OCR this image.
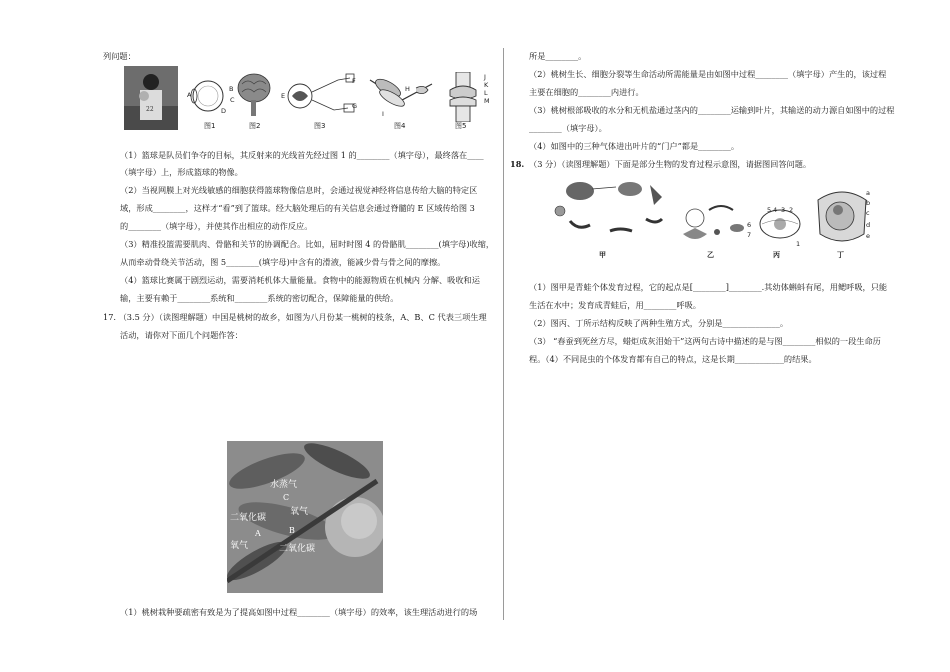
列问题：
22
A
B
C
D
图1	图2
E
F
G
图3
H
I
图4
J
K
L
M
图5
（1）篮球是队员们争夺的目标，其反射来的光线首先经过图 1 的________（填字母），最终落在____
（填字母）上，形成篮球的物像。
（2）当视网膜上对光线敏感的细胞获得篮球物像信息时，会通过视觉神经将信息传给大脑的特定区
域，形成________，这样才“看”到了篮球。经大脑处理后的有关信息会通过脊髓的 E 区域传给图 3
的________（填字母），并使其作出相应的动作反应。
（3）精准投篮需要肌肉、骨骼和关节的协调配合。比如，屈时时图 4 的骨骼肌________(填字母)收缩，
从而牵动骨绕关节活动，图 5________(填字母)中含有的滑液，能减少骨与骨之间的摩擦。
（4）篮球比赛属于剧烈运动，需要消耗机体大量能量。食物中的能源物质在机械内 分解、吸收和运
输，主要有赖于________系统和________系统的密切配合，保障能量的供给。
17. （3.5 分）（读图理解题）中国是桃树的故乡，如图为八月份某一桃树的枝条，A、B、C 代表三项生理
活动，请你对下面几个问题作答：
水蒸气
C
氧气
B
二氧化碳
A
氧气	二氧化碳
（1）桃树栽种要疏密有致是为了提高如图中过程________（填字母）的效率，该生理活动进行的场
所是________。
（2）桃树生长、细胞分裂等生命活动所需能量是由如图中过程________（填字母）产生的，该过程
主要在细胞的________内进行。
（3）桃树根部吸收的水分和无机盐通过茎内的________运输到叶片，其输送的动力源自如图中的过程
________（填字母）。
（4）如图中的三种气体进出叶片的“门户”都是________。
18. （3 分）（读图理解题）下面是部分生物的发育过程示意图，请据图回答问题。
甲	乙
5 4 3 2
6
7
1
丙
a
b
c
d
e
丁
（1）图甲是青蛙个体发育过程，它的起点是[________]________.其幼体蝌蚪有尾，用鳃呼吸，只能
生活在水中；发育成青蛙后，用________呼吸。
（2）图丙、丁所示结构反映了两种生殖方式，分别是______________。
（3） “春蚕到死丝方尽，蜡炬成灰泪始干”这两句古诗中描述的是与图________相似的一段生命历
程。（4）不同昆虫的个体发育都有自己的特点，这是长期____________的结果。
